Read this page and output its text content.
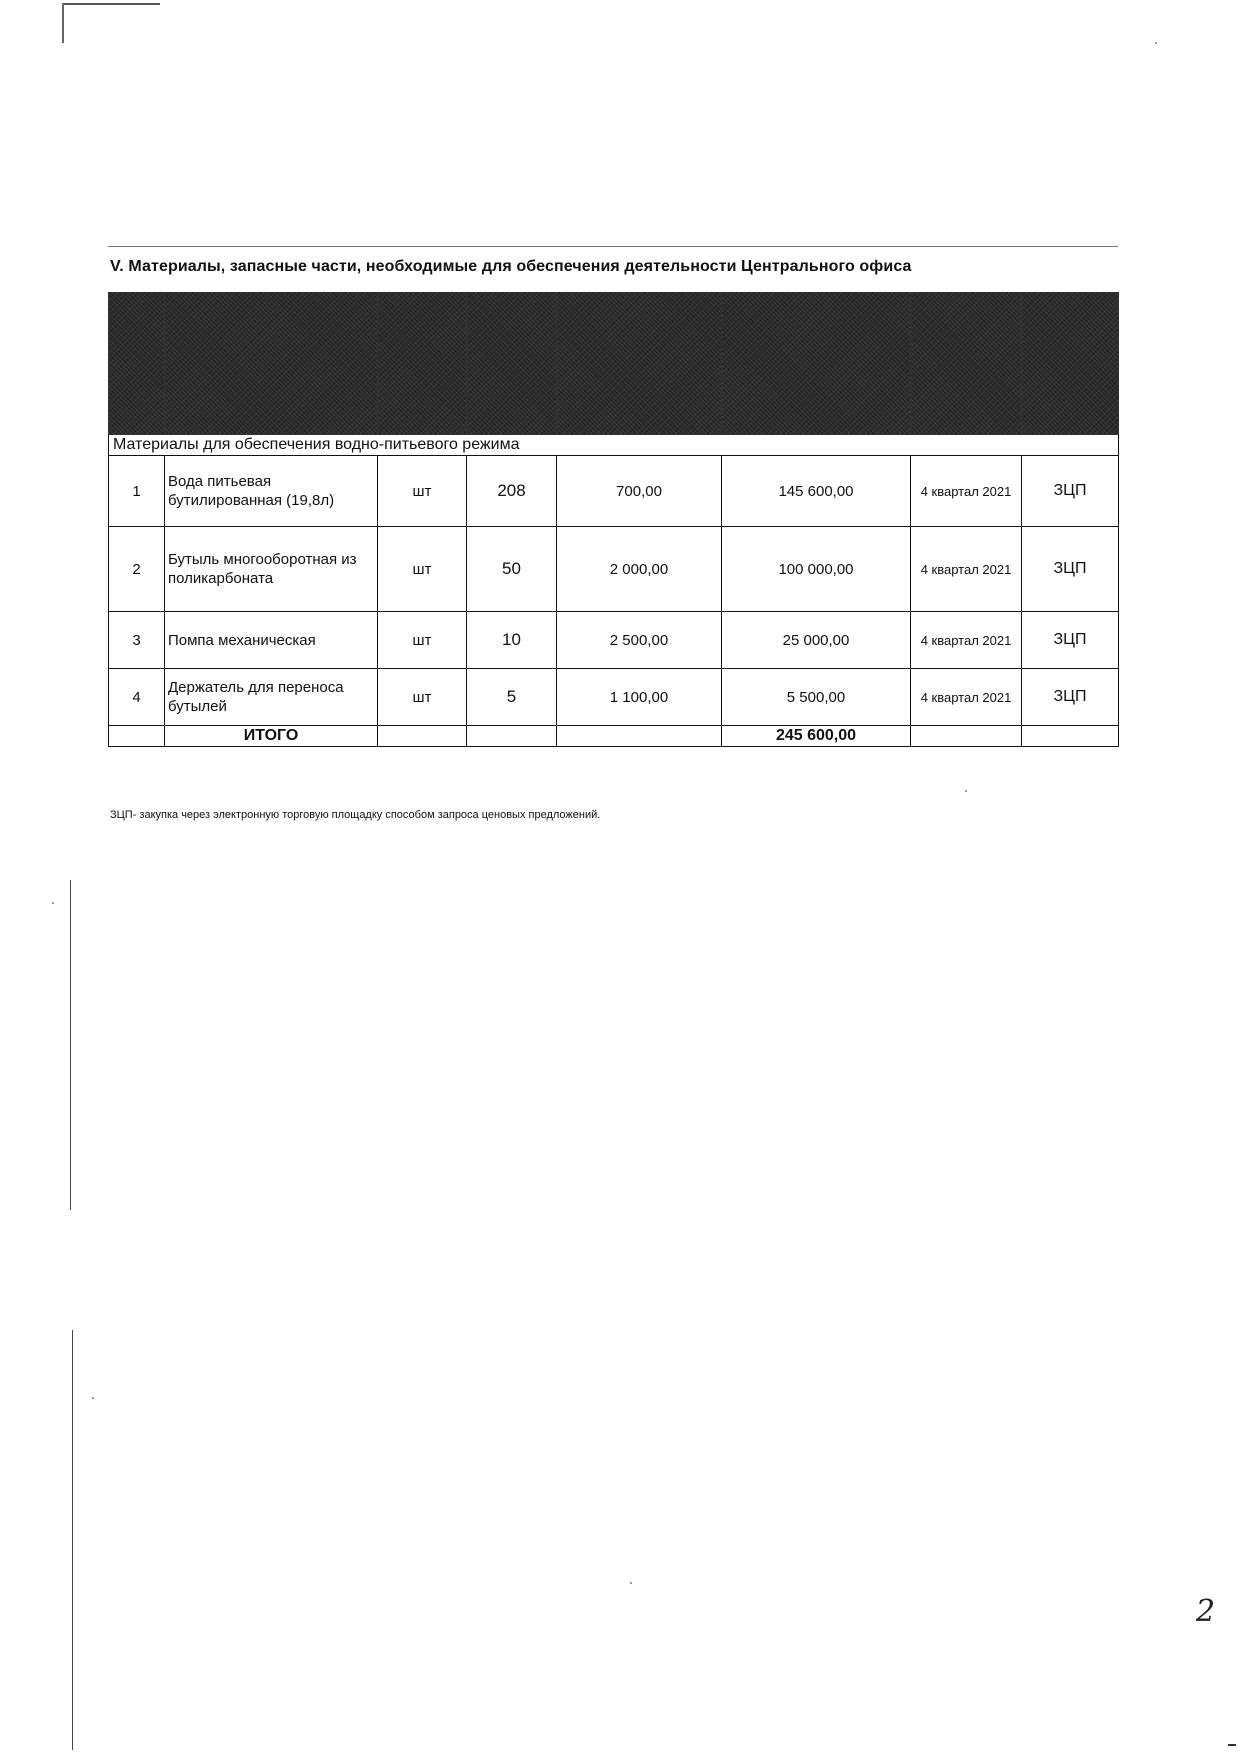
V. Материалы, запасные части, необходимые для обеспечения деятельности Центрального офиса

Материалы для обеспечения водно-питьевого режима							
1	Вода питьевая бутилированная (19,8л)	шт	208	700,00	145 600,00	4 квартал 2021	ЗЦП
2	Бутыль многооборотная из поликарбоната	шт	50	2 000,00	100 000,00	4 квартал 2021	ЗЦП
3	Помпа механическая	шт	10	2 500,00	25 000,00	4 квартал 2021	ЗЦП
4	Держатель для переноса бутылей	шт	5	1 100,00	5 500,00	4 квартал 2021	ЗЦП
	ИТОГО				245 600,00		
ЗЦП- закупка через электронную торговую площадку способом запроса ценовых предложений.
2
